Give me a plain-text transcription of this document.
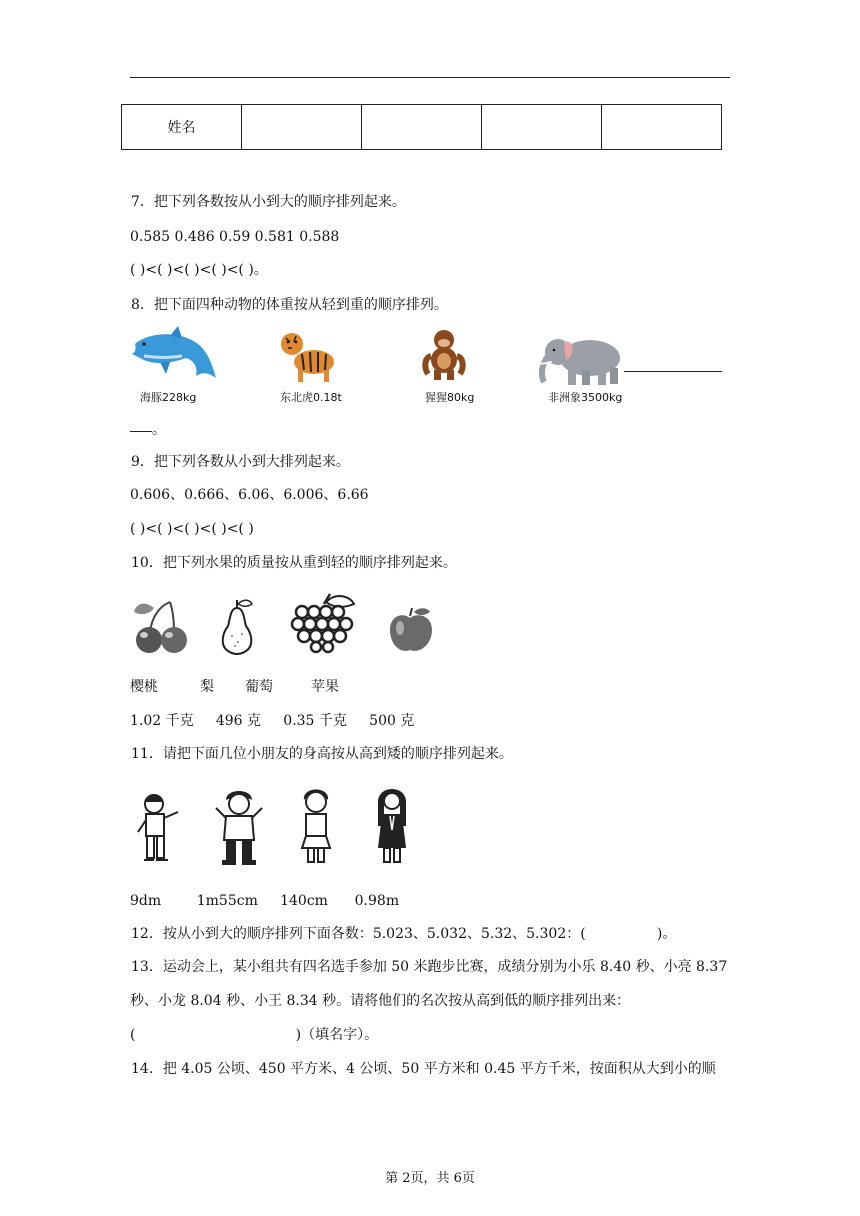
姓名				
7．把下列各数按从小到大的顺序排列起来。
0.585 0.486 0.59 0.581 0.588
( )<( )<( )<( )<( )。
8．把下面四种动物的体重按从轻到重的顺序排列。
海豚228kg	东北虎0.18t	猩猩80kg	非洲象3500kg
。
9．把下列各数从小到大排列起来。
0.606、0.666、6.06、6.006、6.66
( )<( )<( )<( )<( )
10．把下列水果的质量按从重到轻的顺序排列起来。
樱桃	梨 葡萄	苹果
1.02 千克     496 克     0.35 千克     500 克
11．请把下面几位小朋友的身高按从高到矮的顺序排列起来。
9dm        1m55cm     140cm      0.98m
12．按从小到大的顺序排列下面各数：5.023、5.032、5.32、5.302：(                )。
13．运动会上，某小组共有四名选手参加 50 米跑步比赛，成绩分别为小乐 8.40 秒、小亮 8.37
秒、小龙 8.04 秒、小王 8.34 秒。请将他们的名次按从高到低的顺序排列出来：
(                                    )（填名字）。
14．把 4.05 公顷、450 平方米、4 公顷、50 平方米和 0.45 平方千米，按面积从大到小的顺
第 2页，共 6页
